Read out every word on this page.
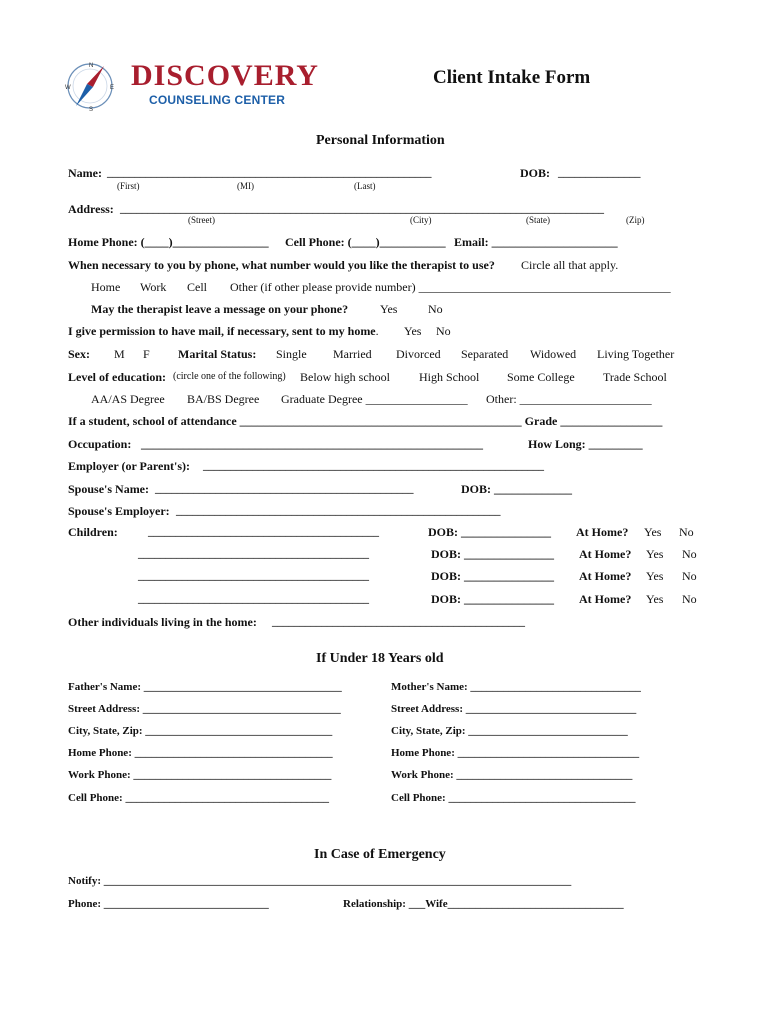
N
E
S
W DISCOVERY
COUNSELING CENTER
Client Intake Form
Personal Information
Name: ___________________________________________________________	DOB: _______________
(First)	(MI)	(Last)
Address: ________________________________________________________________________________________
(Street)	(City)	(State)	(Zip)
Home Phone: (____)________________ Cell Phone: (____)___________ Email: _____________________
When necessary to you by phone, what number would you like the therapist to use? Circle all that apply.
Home Work Cell Other (if other please provide number) __________________________________________
May the therapist leave a message on your phone?	Yes	No
I give permission to have mail, if necessary, sent to my home. Yes No
Sex: M F Marital Status: Single Married Divorced Separated Widowed Living Together
Level of education: (circle one of the following) Below high school High School Some College Trade School
AA/AS Degree BA/BS Degree Graduate Degree _________________ Other: ______________________
If a student, school of attendance _______________________________________________ Grade _________________
Occupation: _________________________________________________________	How Long: _________
Employer (or Parent's): ______________________________________________________________
Spouse's Name: _______________________________________________	DOB: _____________
Spouse's Employer: ___________________________________________________________
Children:	__________________________________________	DOB: _______________ At Home? Yes No
__________________________________________	DOB: _______________ At Home? Yes No
__________________________________________	DOB: _______________ At Home? Yes No
__________________________________________	DOB: _______________ At Home? Yes No
Other individuals living in the home: ______________________________________________
If Under 18 Years old
Father's Name: ____________________________________	Mother's Name: _______________________________
Street Address: ____________________________________	Street Address: _______________________________
City, State, Zip: __________________________________	City, State, Zip: _____________________________
Home Phone: ____________________________________	Home Phone: _________________________________
Work Phone: ____________________________________	Work Phone: ________________________________
Cell Phone: _____________________________________	Cell Phone: __________________________________
In Case of Emergency
Notify: _____________________________________________________________________________________
Phone: ______________________________	Relationship: ___Wife________________________________
